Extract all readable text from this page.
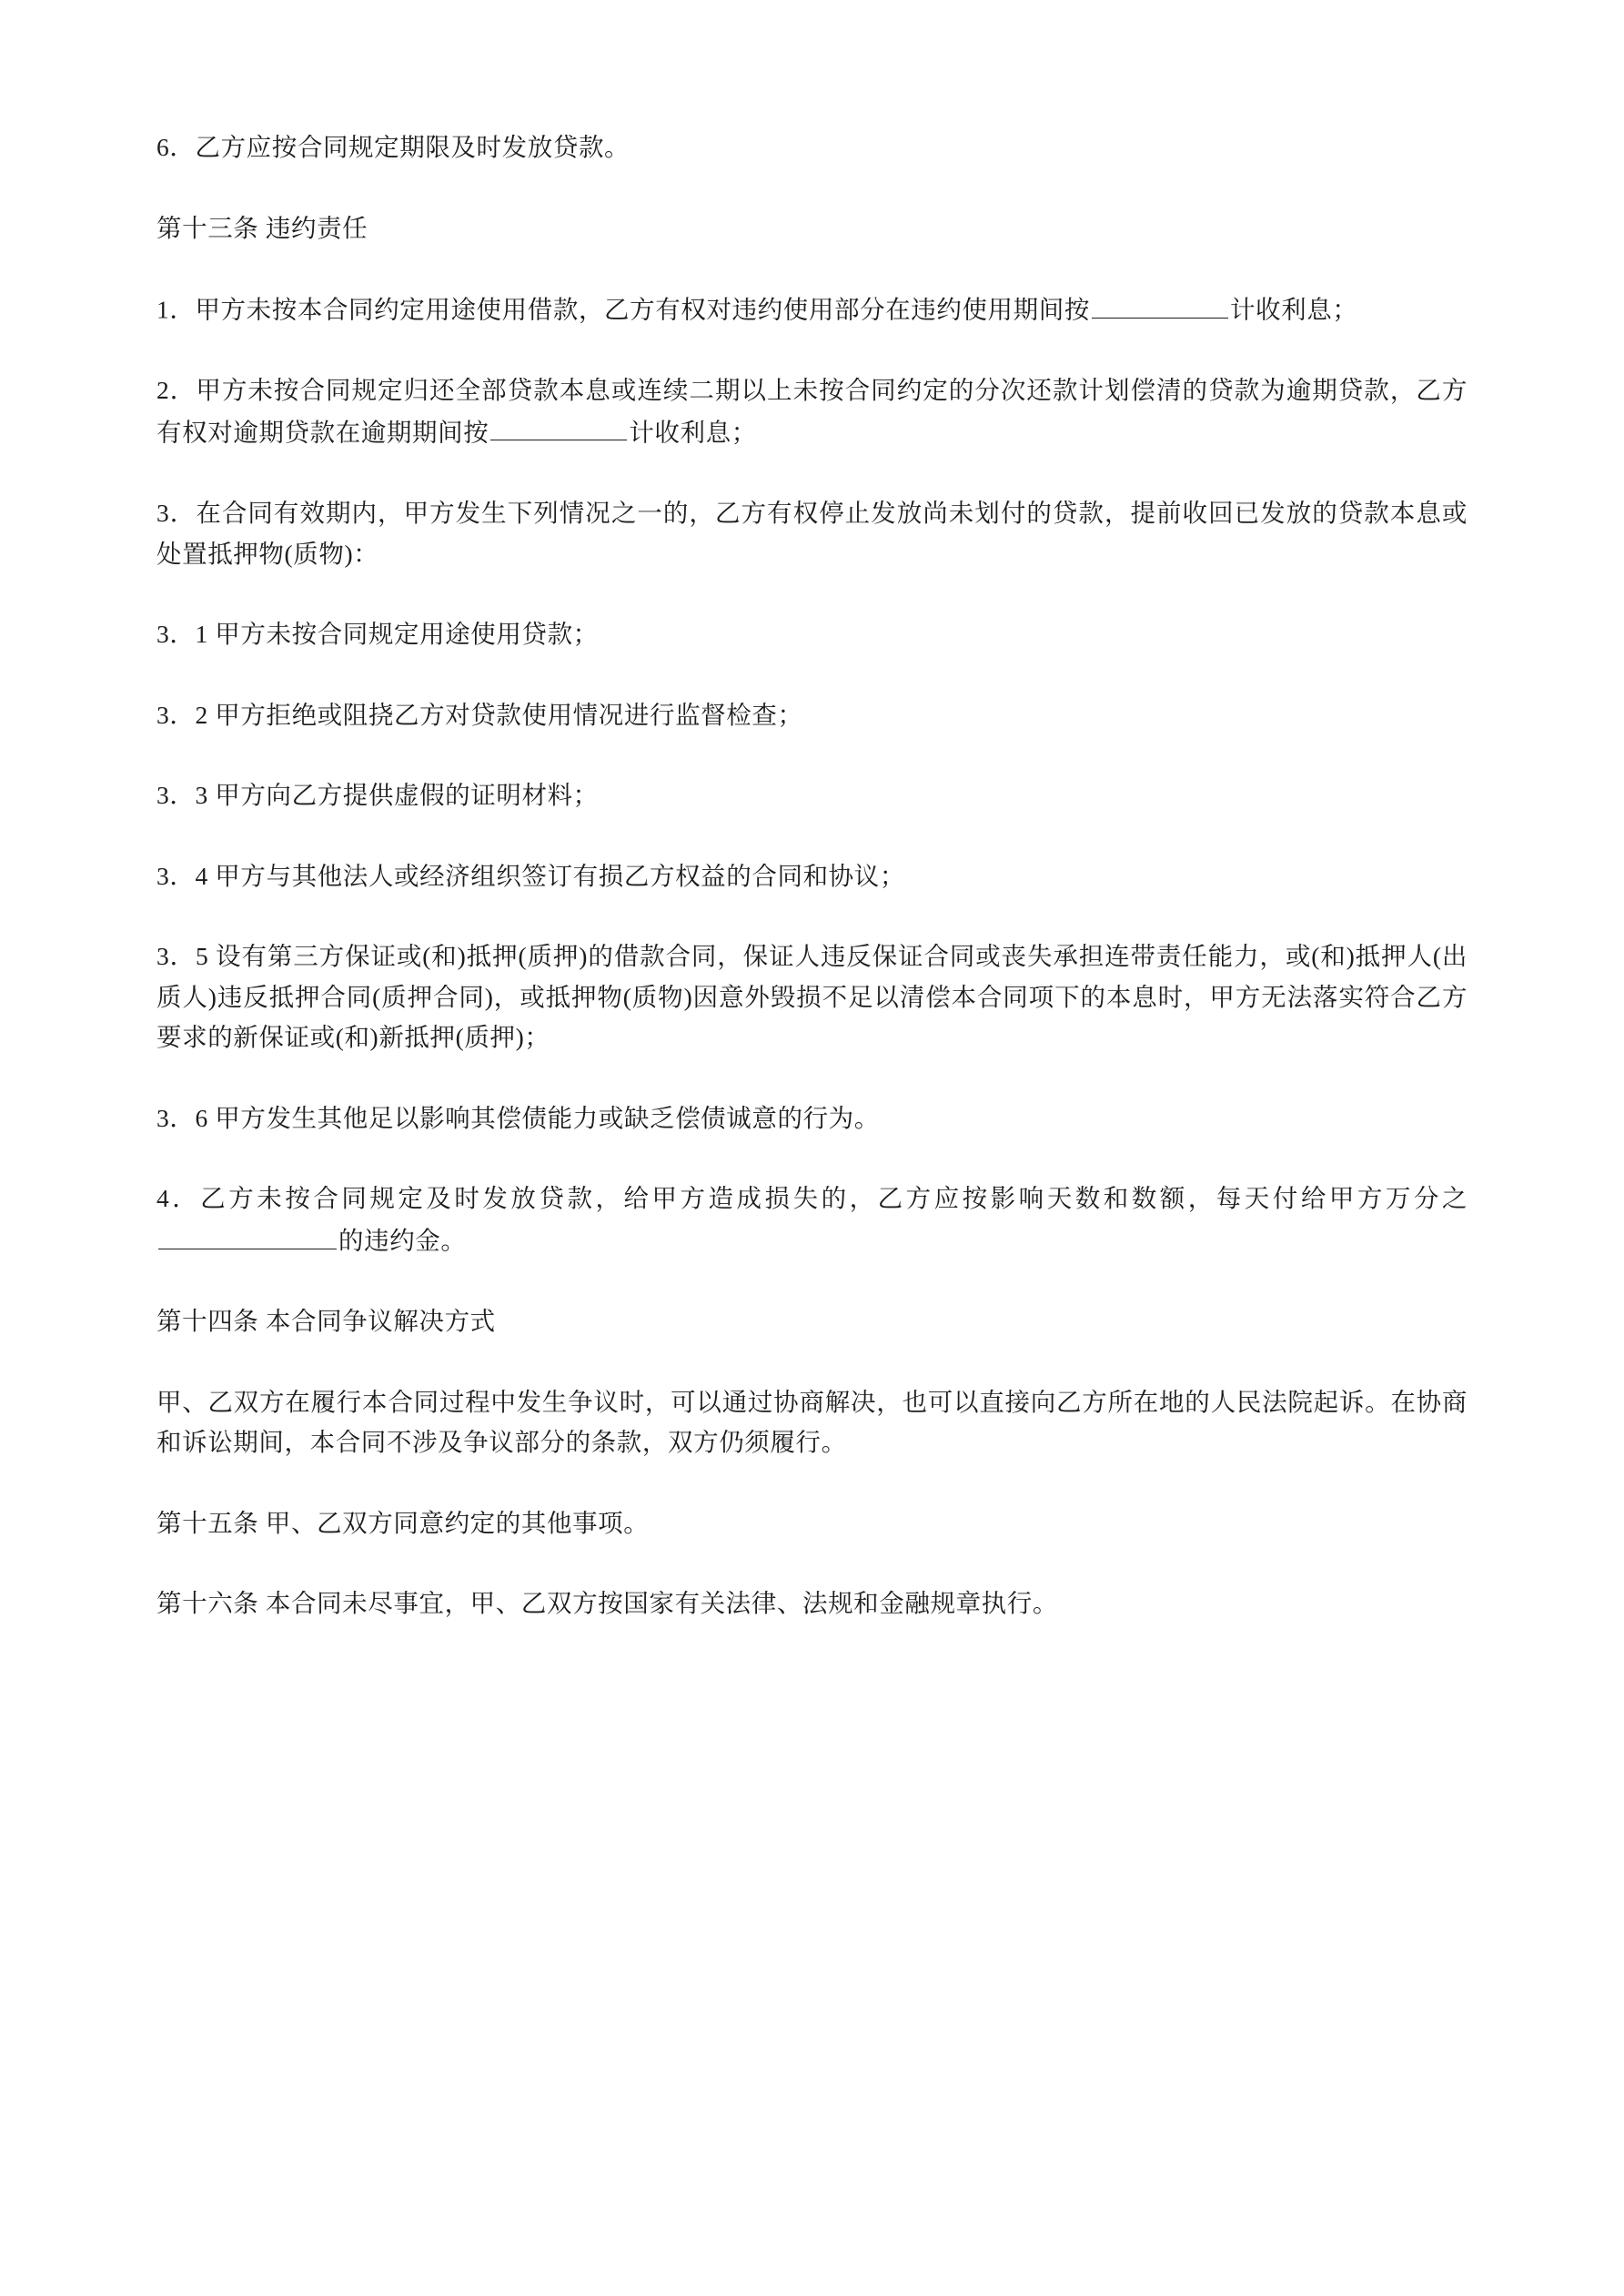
6．乙方应按合同规定期限及时发放贷款。

第十三条 违约责任

1．甲方未按本合同约定用途使用借款，乙方有权对违约使用部分在违约使用期间按	计收利息；

2．甲方未按合同规定归还全部贷款本息或连续二期以上未按合同约定的分次还款计划偿清的贷款为逾期贷款，乙方有权对逾期贷款在逾期期间按	计收利息；

3．在合同有效期内，甲方发生下列情况之一的，乙方有权停止发放尚未划付的贷款，提前收回已发放的贷款本息或处置抵押物(质物)：

3．1 甲方未按合同规定用途使用贷款；

3．2 甲方拒绝或阻挠乙方对贷款使用情况进行监督检查；

3．3 甲方向乙方提供虚假的证明材料；

3．4 甲方与其他法人或经济组织签订有损乙方权益的合同和协议；

3．5 设有第三方保证或(和)抵押(质押)的借款合同，保证人违反保证合同或丧失承担连带责任能力，或(和)抵押人(出质人)违反抵押合同(质押合同)，或抵押物(质物)因意外毁损不足以清偿本合同项下的本息时，甲方无法落实符合乙方要求的新保证或(和)新抵押(质押)；

3．6 甲方发生其他足以影响其偿债能力或缺乏偿债诚意的行为。

4．乙方未按合同规定及时发放贷款，给甲方造成损失的，乙方应按影响天数和数额，每天付给甲方万分之的违约金。

第十四条 本合同争议解决方式

甲、乙双方在履行本合同过程中发生争议时，可以通过协商解决，也可以直接向乙方所在地的人民法院起诉。在协商和诉讼期间，本合同不涉及争议部分的条款，双方仍须履行。

第十五条 甲、乙双方同意约定的其他事项。

第十六条 本合同未尽事宜，甲、乙双方按国家有关法律、法规和金融规章执行。
